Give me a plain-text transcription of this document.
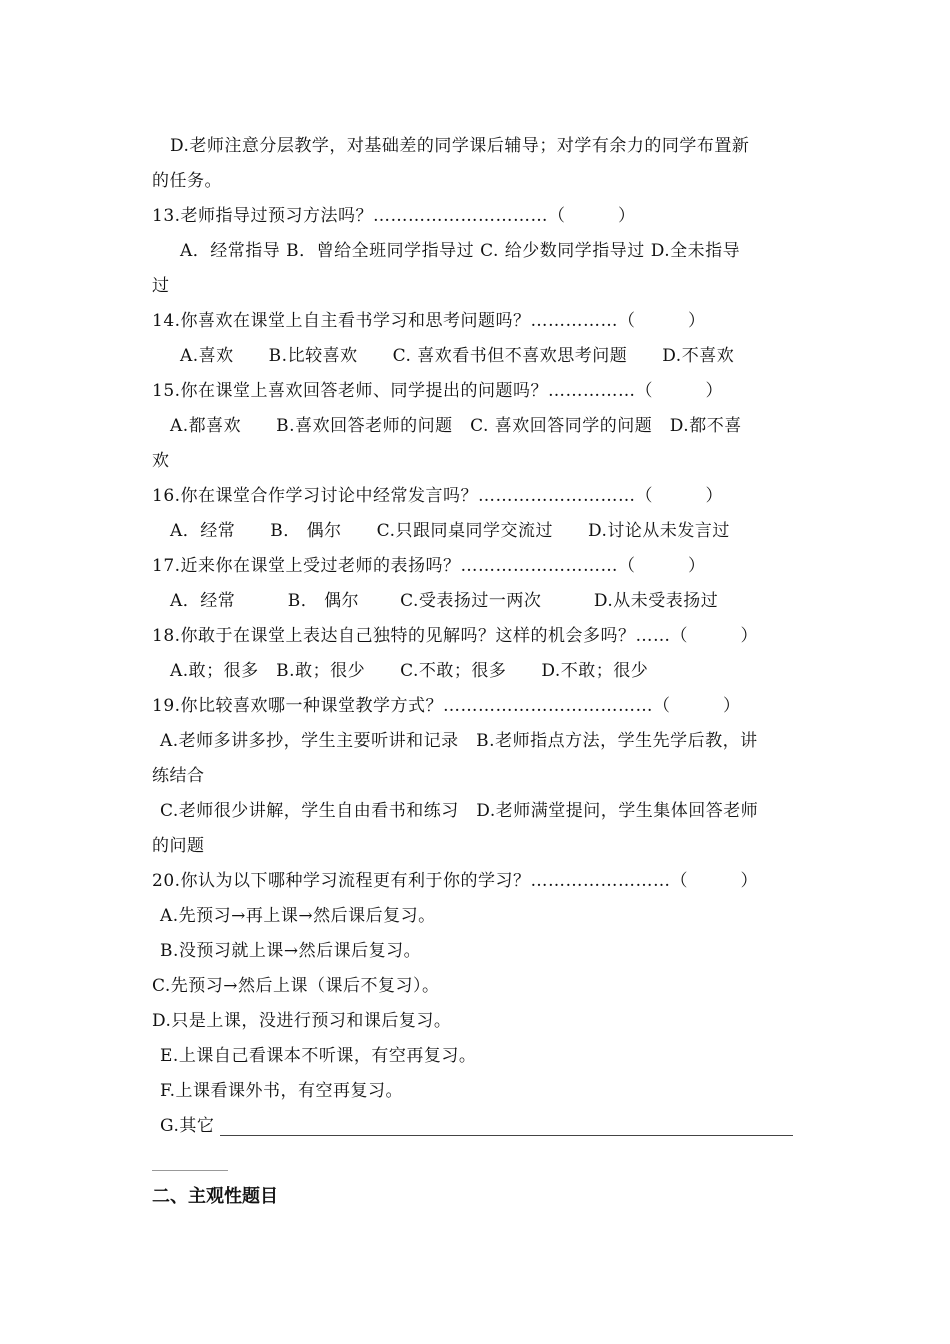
D.老师注意分层教学，对基础差的同学课后辅导；对学有余力的同学布置新
的任务。
13.老师指导过预习方法吗？…………………………（　　　）
A．经常指导 B．曾给全班同学指导过 C. 给少数同学指导过 D.全未指导
过
14.你喜欢在课堂上自主看书学习和思考问题吗？……………（　　　）
A.喜欢　　B.比较喜欢　　C. 喜欢看书但不喜欢思考问题　　D.不喜欢
15.你在课堂上喜欢回答老师、同学提出的问题吗？……………（　　　）
A.都喜欢　　B.喜欢回答老师的问题　C. 喜欢回答同学的问题　D.都不喜
欢
16.你在课堂合作学习讨论中经常发言吗？………………………（　　　）
A．经常　　B． 偶尔　　C.只跟同桌同学交流过　　D.讨论从未发言过
17.近来你在课堂上受过老师的表扬吗？………………………（　　　）
A．经常　　　B． 偶尔　　 C.受表扬过一两次　　　D.从未受表扬过
18.你敢于在课堂上表达自己独特的见解吗？这样的机会多吗？……（　　　）
A.敢；很多　B.敢；很少　　C.不敢；很多　　D.不敢；很少
19.你比较喜欢哪一种课堂教学方式？………………………………（　　　）
A.老师多讲多抄，学生主要听讲和记录　B.老师指点方法，学生先学后教，讲
练结合
C.老师很少讲解，学生自由看书和练习　D.老师满堂提问，学生集体回答老师
的问题
20.你认为以下哪种学习流程更有利于你的学习？……………………（　　　）
A.先预习→再上课→然后课后复习。
B.没预习就上课→然后课后复习。
C.先预习→然后上课（课后不复习）。
D.只是上课，没进行预习和课后复习。
E.上课自己看课本不听课，有空再复习。
F.上课看课外书，有空再复习。
G.其它
二、主观性题目
